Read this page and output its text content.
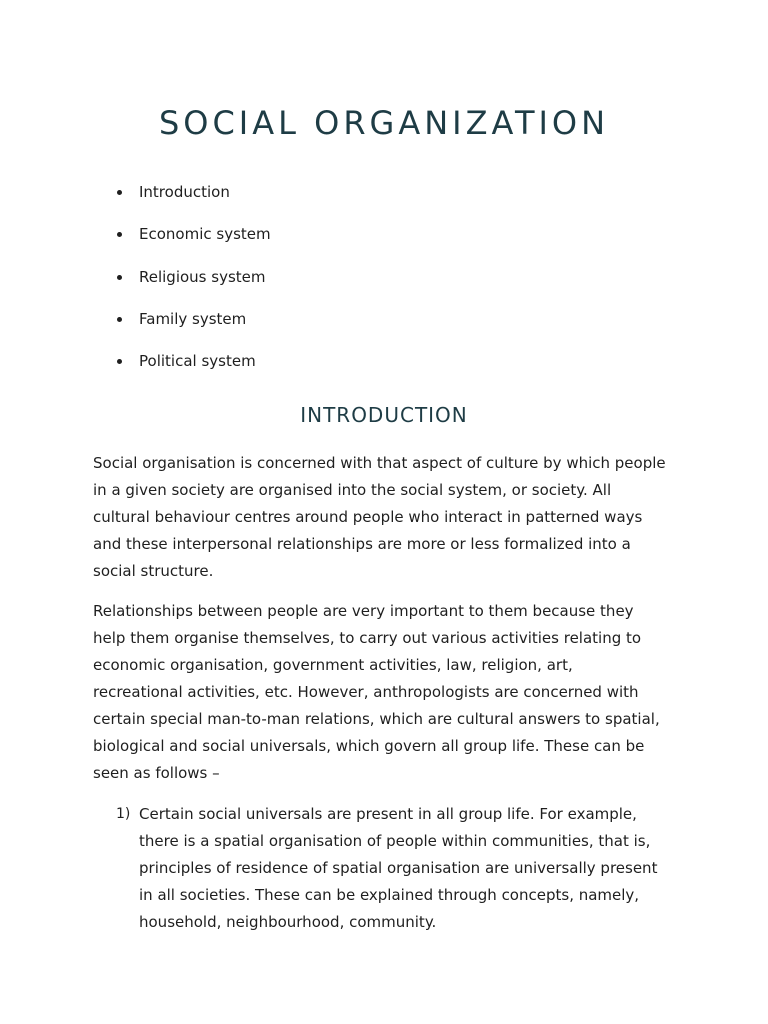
SOCIAL ORGANIZATION
Introduction
Economic system
Religious system
Family system
Political system
INTRODUCTION

Social organisation is concerned with that aspect of culture by which people
in a given society are organised into the social system, or society. All
cultural behaviour centres around people who interact in patterned ways
and these interpersonal relationships are more or less formalized into a
social structure.

Relationships between people are very important to them because they
help them organise themselves, to carry out various activities relating to
economic organisation, government activities, law, religion, art,
recreational activities, etc. However, anthropologists are concerned with
certain special man-to-man relations, which are cultural answers to spatial,
biological and social universals, which govern all group life. These can be
seen as follows –

1) Certain social universals are present in all group life. For example,
there is a spatial organisation of people within communities, that is,
principles of residence of spatial organisation are universally present
in all societies. These can be explained through concepts, namely,
household, neighbourhood, community.
